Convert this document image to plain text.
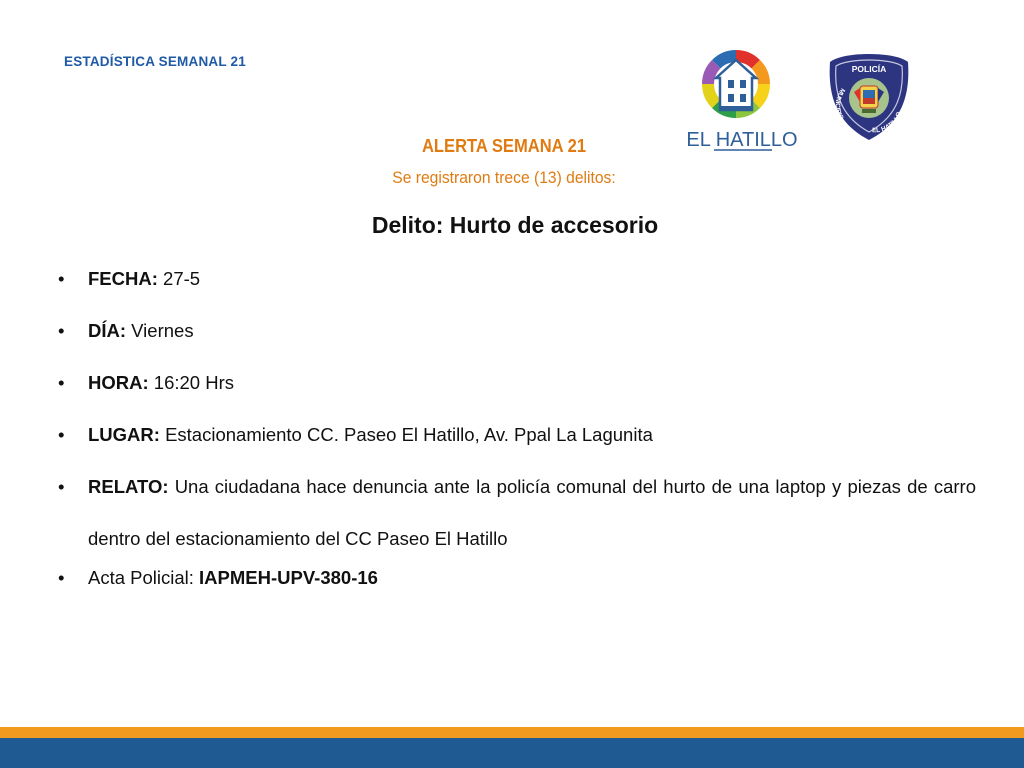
ESTADÍSTICA SEMANAL 21
EL HATILLO
POLICÍA
MUNICIPIO
EL HATILLO
ALERTA SEMANA 21
Se registraron trece (13) delitos:
Delito: Hurto de accesorio
• FECHA: 27-5
• DÍA: Viernes
• HORA: 16:20 Hrs
• LUGAR: Estacionamiento CC. Paseo El Hatillo, Av. Ppal La Lagunita
• RELATO: Una ciudadana hace denuncia ante la policía comunal del hurto de una laptop y piezas de carro dentro del estacionamiento del CC Paseo El Hatillo
• Acta Policial: IAPMEH-UPV-380-16
